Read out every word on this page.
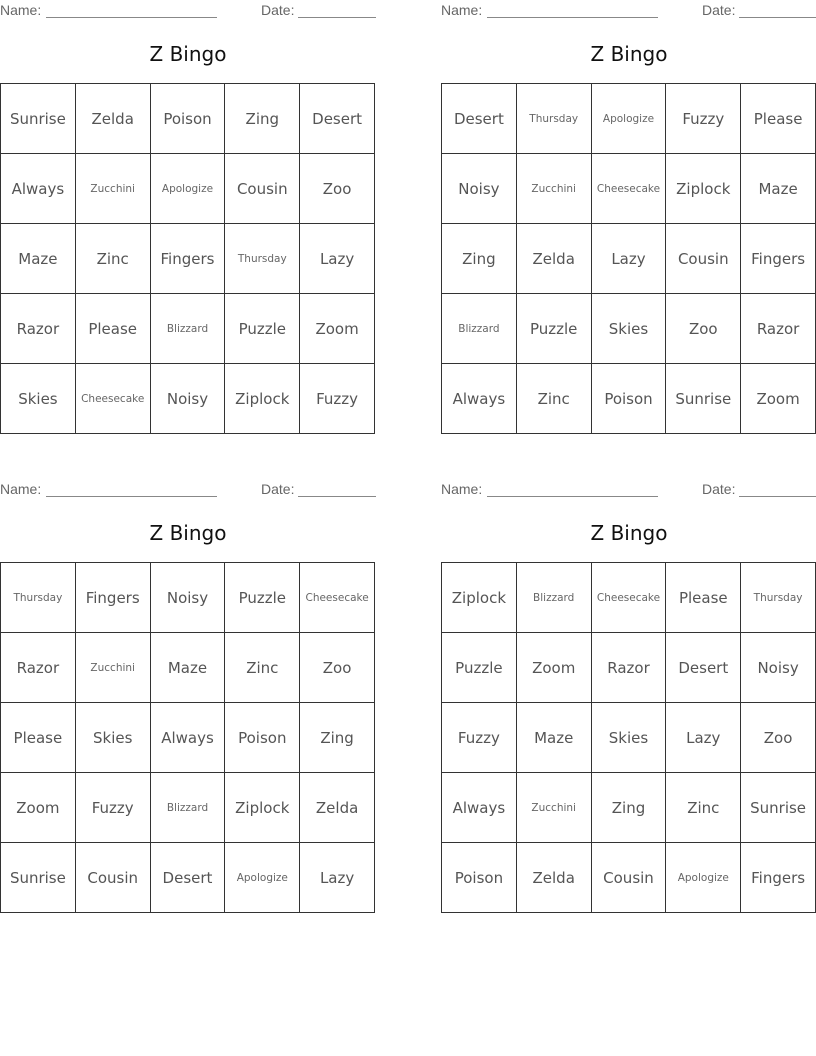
Name:	Date:
Z Bingo
Sunrise	Zelda	Poison	Zing	Desert
Always	Zucchini	Apologize	Cousin	Zoo
Maze	Zinc	Fingers	Thursday	Lazy
Razor	Please	Blizzard	Puzzle	Zoom
Skies	Cheesecake	Noisy	Ziplock	Fuzzy
Name:	Date:
Z Bingo
Desert	Thursday	Apologize	Fuzzy	Please
Noisy	Zucchini	Cheesecake	Ziplock	Maze
Zing	Zelda	Lazy	Cousin	Fingers
Blizzard	Puzzle	Skies	Zoo	Razor
Always	Zinc	Poison	Sunrise	Zoom
Name:	Date:
Z Bingo
Thursday	Fingers	Noisy	Puzzle	Cheesecake
Razor	Zucchini	Maze	Zinc	Zoo
Please	Skies	Always	Poison	Zing
Zoom	Fuzzy	Blizzard	Ziplock	Zelda
Sunrise	Cousin	Desert	Apologize	Lazy
Name:	Date:
Z Bingo
Ziplock	Blizzard	Cheesecake	Please	Thursday
Puzzle	Zoom	Razor	Desert	Noisy
Fuzzy	Maze	Skies	Lazy	Zoo
Always	Zucchini	Zing	Zinc	Sunrise
Poison	Zelda	Cousin	Apologize	Fingers
